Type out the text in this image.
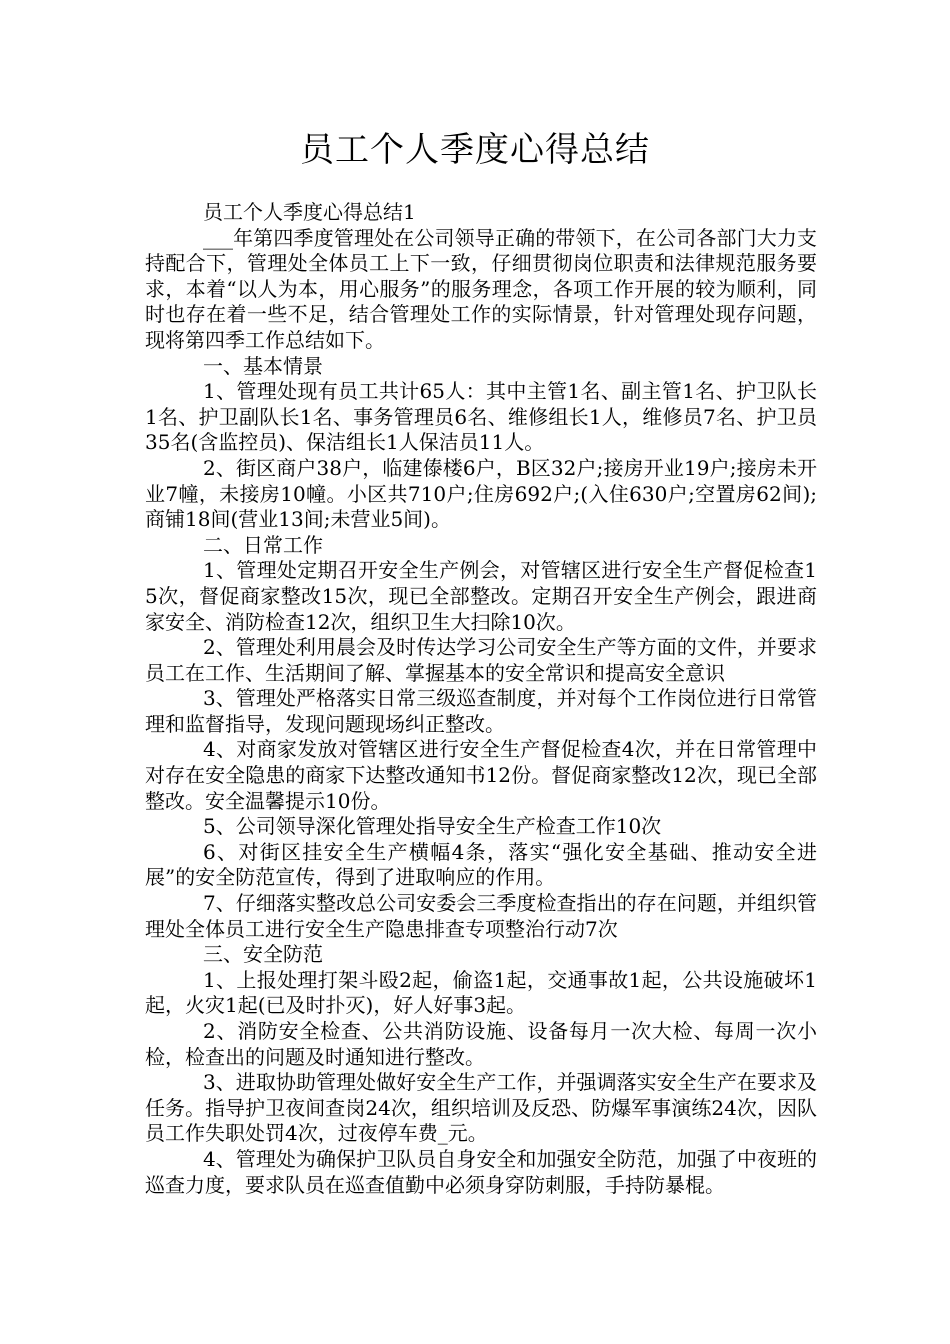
员工个人季度心得总结

员工个人季度心得总结1

___年第四季度管理处在公司领导正确的带领下，在公司各部门大力支持配合下，管理处全体员工上下一致，仔细贯彻岗位职责和法律规范服务要求，本着“以人为本，用心服务”的服务理念，各项工作开展的较为顺利，同时也存在着一些不足，结合管理处工作的实际情景，针对管理处现存问题，现将第四季工作总结如下。

一、基本情景

1、管理处现有员工共计65人：其中主管1名、副主管1名、护卫队长1名、护卫副队长1名、事务管理员6名、维修组长1人，维修员7名、护卫员35名(含监控员)、保洁组长1人保洁员11人。

2、街区商户38户，临建傣楼6户，B区32户;接房开业19户;接房未开业7幢，未接房10幢。小区共710户;住房692户;(入住630户;空置房62间);商铺18间(营业13间;未营业5间)。

二、日常工作

1、管理处定期召开安全生产例会，对管辖区进行安全生产督促检查15次，督促商家整改15次，现已全部整改。定期召开安全生产例会，跟进商家安全、消防检查12次，组织卫生大扫除10次。

2、管理处利用晨会及时传达学习公司安全生产等方面的文件，并要求员工在工作、生活期间了解、掌握基本的安全常识和提高安全意识

3、管理处严格落实日常三级巡查制度，并对每个工作岗位进行日常管理和监督指导，发现问题现场纠正整改。

4、对商家发放对管辖区进行安全生产督促检查4次，并在日常管理中对存在安全隐患的商家下达整改通知书12份。督促商家整改12次，现已全部整改。安全温馨提示10份。

5、公司领导深化管理处指导安全生产检查工作10次

6、对街区挂安全生产横幅4条，落实“强化安全基础、推动安全进展”的安全防范宣传，得到了进取响应的作用。

7、仔细落实整改总公司安委会三季度检查指出的存在问题，并组织管理处全体员工进行安全生产隐患排查专项整治行动7次

三、安全防范

1、上报处理打架斗殴2起，偷盗1起，交通事故1起，公共设施破坏1起，火灾1起(已及时扑灭)，好人好事3起。

2、消防安全检查、公共消防设施、设备每月一次大检、每周一次小检，检查出的问题及时通知进行整改。

3、进取协助管理处做好安全生产工作，并强调落实安全生产在要求及任务。指导护卫夜间查岗24次，组织培训及反恐、防爆军事演练24次，因队员工作失职处罚4次，过夜停车费_元。

4、管理处为确保护卫队员自身安全和加强安全防范，加强了中夜班的巡查力度，要求队员在巡查值勤中必须身穿防刺服，手持防暴棍。
